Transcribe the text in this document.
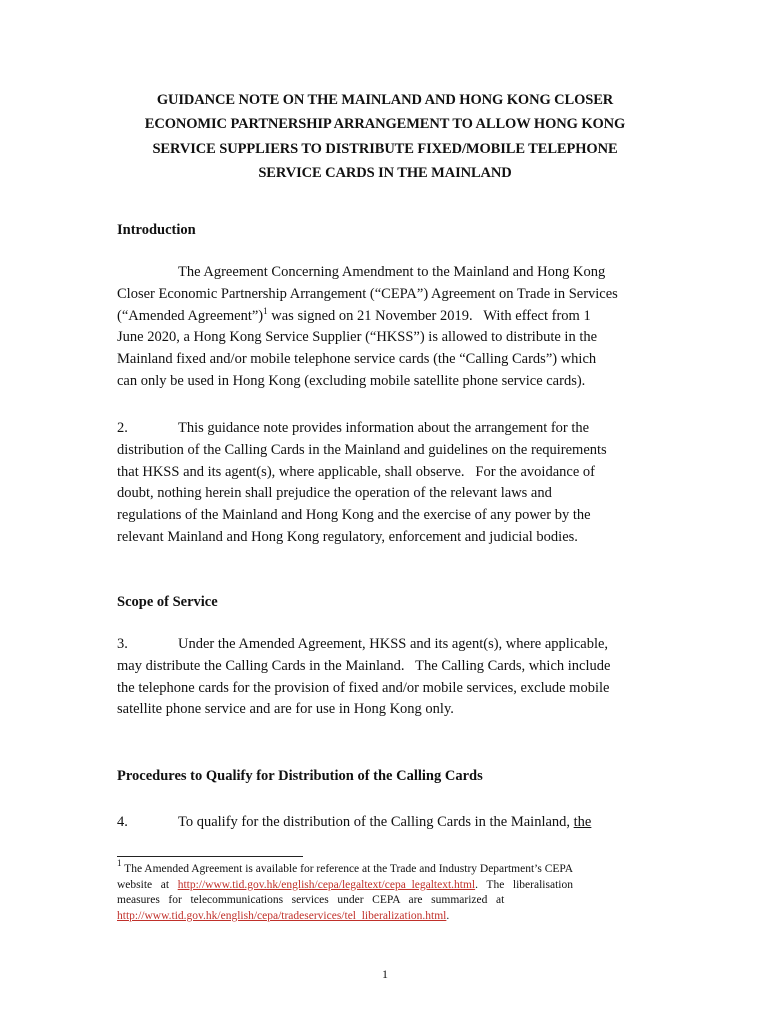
GUIDANCE NOTE ON THE MAINLAND AND HONG KONG CLOSER
ECONOMIC PARTNERSHIP ARRANGEMENT TO ALLOW HONG KONG
SERVICE SUPPLIERS TO DISTRIBUTE FIXED/MOBILE TELEPHONE
SERVICE CARDS IN THE MAINLAND
Introduction
The Agreement Concerning Amendment to the Mainland and Hong Kong
Closer Economic Partnership Arrangement (“CEPA”) Agreement on Trade in Services
(“Amended Agreement”)$^1$ was signed on 21 November 2019.   With effect from 1
June 2020, a Hong Kong Service Supplier (“HKSS”) is allowed to distribute in the
Mainland fixed and/or mobile telephone service cards (the “Calling Cards”) which
can only be used in Hong Kong (excluding mobile satellite phone service cards).
2.	This guidance note provides information about the arrangement for the
distribution of the Calling Cards in the Mainland and guidelines on the requirements
that HKSS and its agent(s), where applicable, shall observe.   For the avoidance of
doubt, nothing herein shall prejudice the operation of the relevant laws and
regulations of the Mainland and Hong Kong and the exercise of any power by the
relevant Mainland and Hong Kong regulatory, enforcement and judicial bodies.
Scope of Service
3.	Under the Amended Agreement, HKSS and its agent(s), where applicable,
may distribute the Calling Cards in the Mainland.   The Calling Cards, which include
the telephone cards for the provision of fixed and/or mobile services, exclude mobile
satellite phone service and are for use in Hong Kong only.
Procedures to Qualify for Distribution of the Calling Cards
4.	To qualify for the distribution of the Calling Cards in the Mainland, the
$^1$ The Amended Agreement is available for reference at the Trade and Industry Department’s CEPA
website   at   http://www.tid.gov.hk/english/cepa/legaltext/cepa_legaltext.html.   The   liberalisation
measures   for   telecommunications   services   under   CEPA   are   summarized   at
http://www.tid.gov.hk/english/cepa/tradeservices/tel_liberalization.html.
1
